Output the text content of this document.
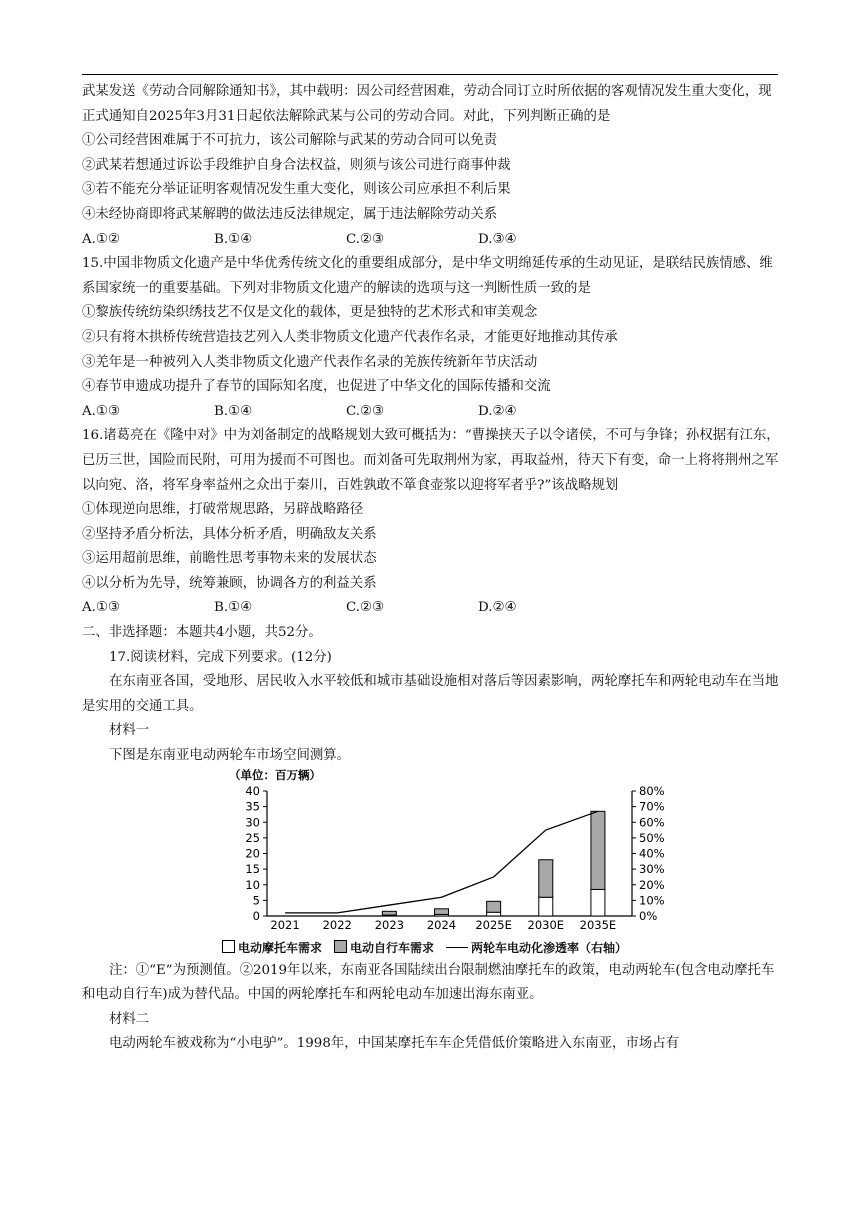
武某发送《劳动合同解除通知书》，其中载明：因公司经营困难，劳动合同订立时所依据的客观情况发生重大变化，现正式通知自2025年3月31日起依法解除武某与公司的劳动合同。对此，下列判断正确的是

①公司经营困难属于不可抗力，该公司解除与武某的劳动合同可以免责

②武某若想通过诉讼手段维护自身合法权益，则须与该公司进行商事仲裁

③若不能充分举证证明客观情况发生重大变化，则该公司应承担不利后果

④未经协商即将武某解聘的做法违反法律规定，属于违法解除劳动关系

A.①②	B.①④	C.②③	D.③④

15.中国非物质文化遗产是中华优秀传统文化的重要组成部分，是中华文明绵延传承的生动见证，是联结民族情感、维系国家统一的重要基础。下列对非物质文化遗产的解读的选项与这一判断性质一致的是

①黎族传统纺染织绣技艺不仅是文化的载体，更是独特的艺术形式和审美观念

②只有将木拱桥传统营造技艺列入人类非物质文化遗产代表作名录，才能更好地推动其传承

③羌年是一种被列入人类非物质文化遗产代表作名录的羌族传统新年节庆活动

④春节申遗成功提升了春节的国际知名度，也促进了中华文化的国际传播和交流

A.①③	B.①④	C.②③	D.②④

16.诸葛亮在《隆中对》中为刘备制定的战略规划大致可概括为：“曹操挟天子以令诸侯，不可与争锋；孙权据有江东，已历三世，国险而民附，可用为援而不可图也。而刘备可先取荆州为家，再取益州，待天下有变，命一上将将荆州之军以向宛、洛，将军身率益州之众出于秦川，百姓孰敢不箪食壶浆以迎将军者乎?”该战略规划

①体现逆向思维，打破常规思路，另辟战略路径

②坚持矛盾分析法，具体分析矛盾，明确敌友关系

③运用超前思维，前瞻性思考事物未来的发展状态

④以分析为先导，统筹兼顾，协调各方的利益关系

A.①③	B.①④	C.②③	D.②④

二、非选择题：本题共4小题，共52分。

17.阅读材料，完成下列要求。(12分)

在东南亚各国，受地形、居民收入水平较低和城市基础设施相对落后等因素影响，两轮摩托车和两轮电动车在当地是实用的交通工具。

材料一

下图是东南亚电动两轮车市场空间测算。

（单位：百万辆）
0
5
10
15
20
25
30
35
40
0%
10%
20%
30%
40%
50%
60%
70%
80%
2021 2022 2023 2024 2025E 2030E 2035E
电动摩托车需求	电动自行车需求	两轮车电动化渗透率（右轴）

注：①“E”为预测值。②2019年以来，东南亚各国陆续出台限制燃油摩托车的政策，电动两轮车(包含电动摩托车和电动自行车)成为替代品。中国的两轮摩托车和两轮电动车加速出海东南亚。

材料二

电动两轮车被戏称为“小电驴”。1998年，中国某摩托车车企凭借低价策略进入东南亚，市场占有
